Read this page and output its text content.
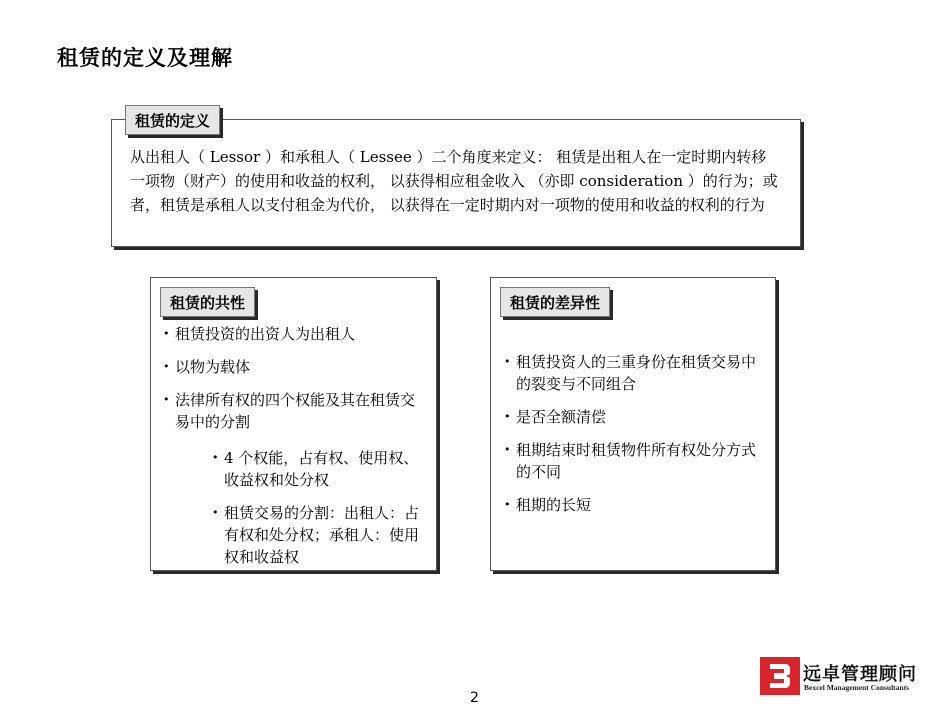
租赁的定义及理解
租赁的定义
从出租人（ Lessor ）和承租人（ Lessee ）二个角度来定义： 租赁是出租人在一定时期内转移一项物（财产）的使用和收益的权利， 以获得相应租金收入 （亦即 consideration ）的行为；或者，租赁是承租人以支付租金为代价， 以获得在一定时期内对一项物的使用和收益的权利的行为
租赁的共性
• 租赁投资的出资人为出租人
• 以物为载体
• 法律所有权的四个权能及其在租赁交易中的分割
• 4 个权能，占有权、使用权、收益权和处分权
• 租赁交易的分割：出租人：占有权和处分权；承租人：使用权和收益权
租赁的差异性
• 租赁投资人的三重身份在租赁交易中的裂变与不同组合
• 是否全额清偿
• 租期结束时租赁物件所有权处分方式的不同
• 租期的长短
2
远卓管理顾问
Bexcel Management Consultants
